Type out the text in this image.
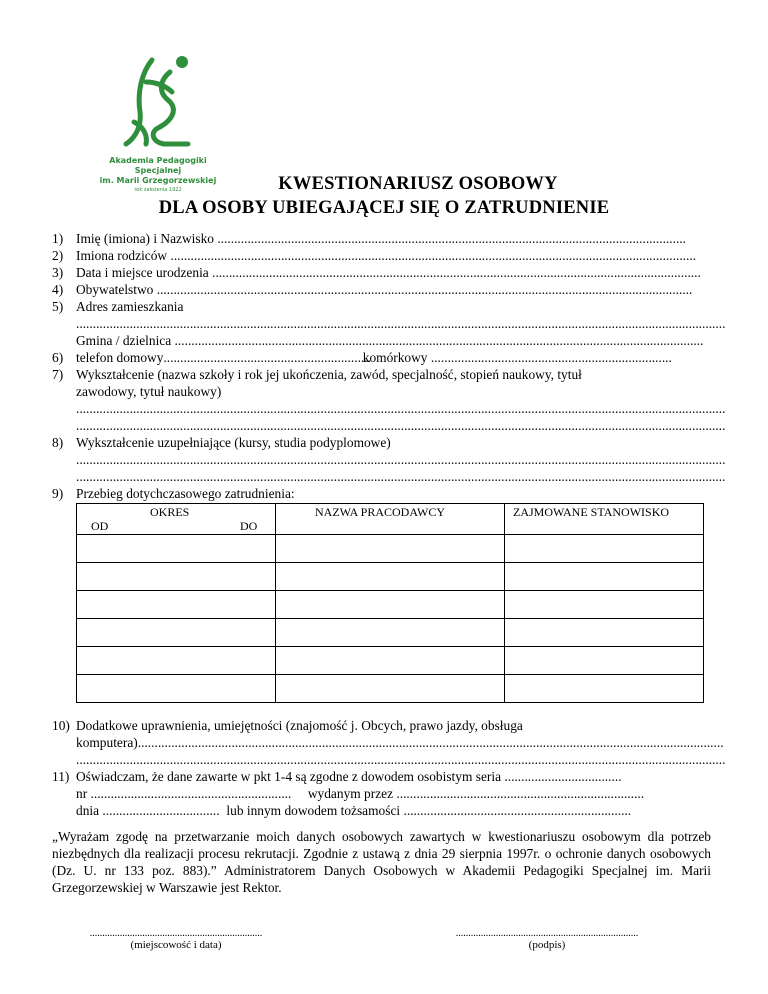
Akademia Pedagogiki Specjalnej
im. Marii Grzegorzewskiej
rok założenia 1922	KWESTIONARIUSZ OSOBOWY
DLA OSOBY UBIEGAJĄCEJ SIĘ O ZATRUDNIENIE
1) Imię (imiona) i Nazwisko ............................................................................................................................................
2) Imiona rodziców .............................................................................................................................................................
3) Data i miejsce urodzenia ..................................................................................................................................................
4) Obywatelstwo ................................................................................................................................................................
5) Adres zamieszkania
..................................................................................................................................................................................................
Gmina / dzielnica ..............................................................................................................................................................
6) telefon domowy.............................................................. komórkowy ........................................................................
7) Wykształcenie (nazwa szkoły i rok jej ukończenia, zawód, specjalność, stopień naukowy, tytuł
zawodowy, tytuł naukowy)
..................................................................................................................................................................................................
..................................................................................................................................................................................................
8) Wykształcenie uzupełniające (kursy, studia podyplomowe)
..................................................................................................................................................................................................
..................................................................................................................................................................................................
9) Przebieg dotychczasowego zatrudnienia:
OKRES
OD DO	NAZWA PRACODAWCY	ZAJMOWANE STANOWISKO

10) Dodatkowe uprawnienia, umiejętności (znajomość j. Obcych, prawo jazdy, obsługa
komputera)...............................................................................................................................................................................
..................................................................................................................................................................................................
11) Oświadczam, że dane zawarte w pkt 1-4 są zgodne z dowodem osobistym seria ...................................
nr ............................................................ wydanym przez ..........................................................................
dnia ................................... lub innym dowodem tożsamości ....................................................................
„Wyrażam zgodę na przetwarzanie moich danych osobowych zawartych w kwestionariuszu osobowym dla potrzeb niezbędnych dla realizacji procesu rekrutacji. Zgodnie z ustawą z dnia 29 sierpnia 1997r. o ochronie danych osobowych (Dz. U. nr 133 poz. 883).” Administratorem Danych Osobowych w Akademii Pedagogiki Specjalnej im. Marii Grzegorzewskiej w Warszawie jest Rektor.
.....................................................................
(miejscowość i data)
.........................................................................
(podpis)
